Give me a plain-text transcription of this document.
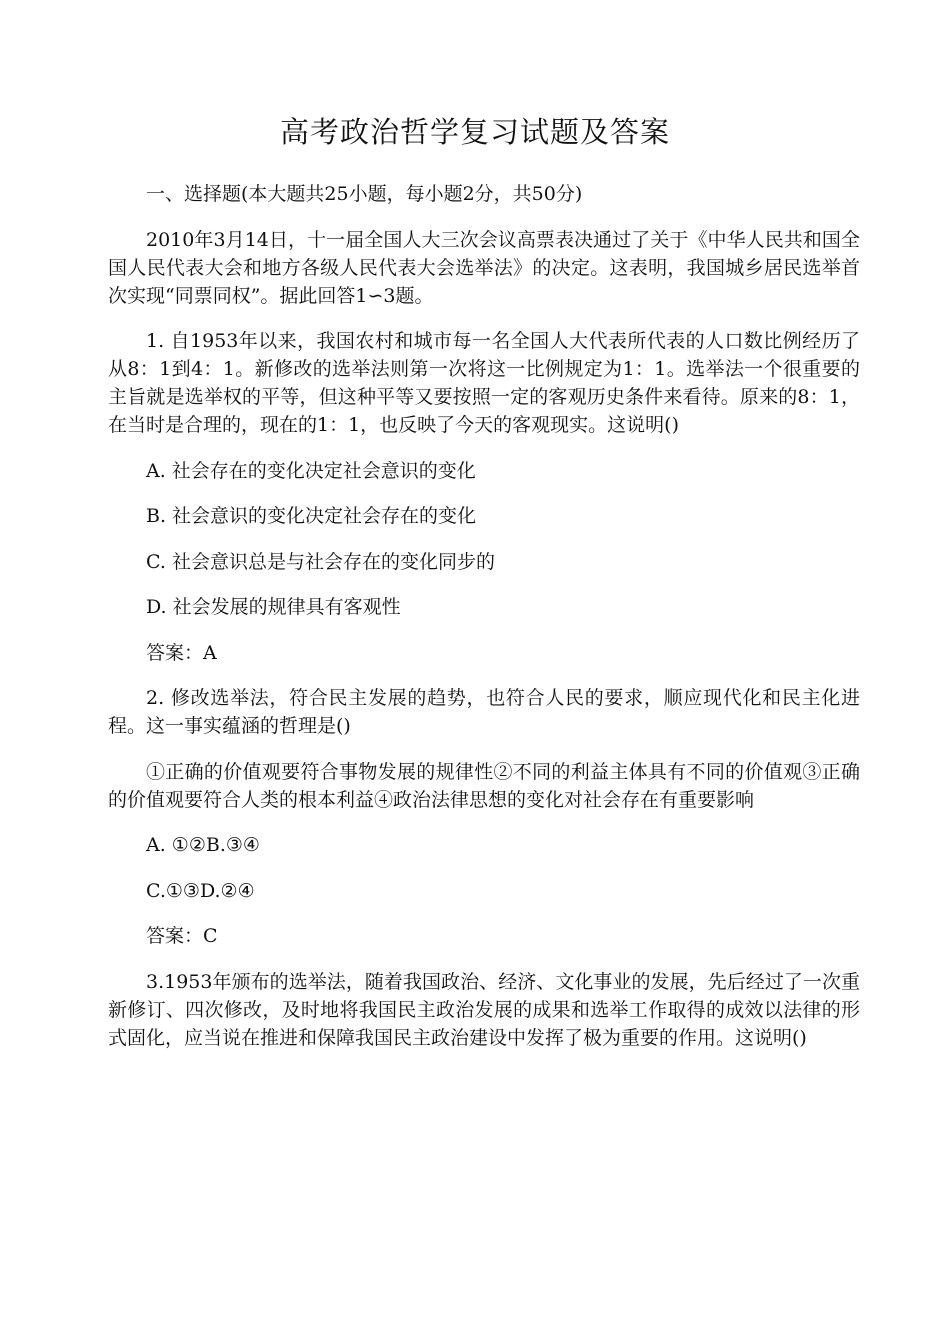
高考政治哲学复习试题及答案

一、选择题(本大题共25小题，每小题2分，共50分)

2010年3月14日，十一届全国人大三次会议高票表决通过了关于《中华人民共和国全国人民代表大会和地方各级人民代表大会选举法》的决定。这表明，我国城乡居民选举首次实现“同票同权”。据此回答1∽3题。

1. 自1953年以来，我国农村和城市每一名全国人大代表所代表的人口数比例经历了从8：1到4：1。新修改的选举法则第一次将这一比例规定为1：1。选举法一个很重要的主旨就是选举权的平等，但这种平等又要按照一定的客观历史条件来看待。原来的8：1，在当时是合理的，现在的1：1，也反映了今天的客观现实。这说明()

A. 社会存在的变化决定社会意识的变化

B. 社会意识的变化决定社会存在的变化

C. 社会意识总是与社会存在的变化同步的

D. 社会发展的规律具有客观性

答案：A

2. 修改选举法，符合民主发展的趋势，也符合人民的要求，顺应现代化和民主化进程。这一事实蕴涵的哲理是()

①正确的价值观要符合事物发展的规律性②不同的利益主体具有不同的价值观③正确的价值观要符合人类的根本利益④政治法律思想的变化对社会存在有重要影响

A. ①②B.③④

C.①③D.②④

答案：C

3.1953年颁布的选举法，随着我国政治、经济、文化事业的发展，先后经过了一次重新修订、四次修改，及时地将我国民主政治发展的成果和选举工作取得的成效以法律的形式固化，应当说在推进和保障我国民主政治建设中发挥了极为重要的作用。这说明()
